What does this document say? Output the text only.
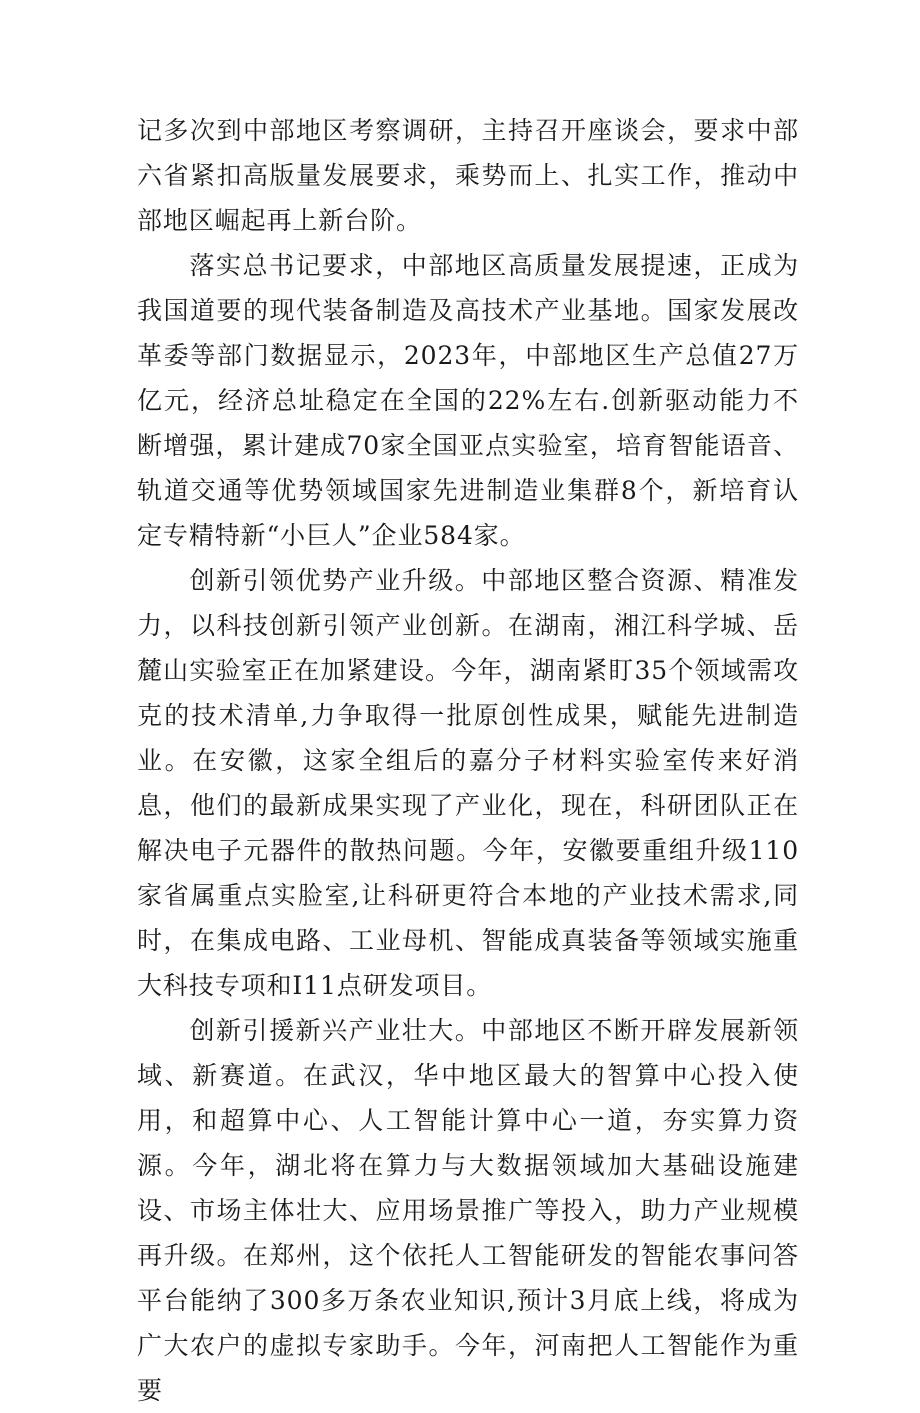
记多次到中部地区考察调研，主持召开座谈会，要求中部六省紧扣高版量发展要求，乘势而上、扎实工作，推动中部地区崛起再上新台阶。

落实总书记要求，中部地区高质量发展提速，正成为我国道要的现代装备制造及高技术产业基地。国家发展改革委等部门数据显示，2023年，中部地区生产总值27万亿元，经济总址稳定在全国的22%左右.创新驱动能力不断增强，累计建成70家全国亚点实验室，培育智能语音、轨道交通等优势领域国家先进制造业集群8个，新培育认定专精特新“小巨人”企业584家。

创新引领优势产业升级。中部地区整合资源、精准发力，以科技创新引领产业创新。在湖南，湘江科学城、岳麓山实验室正在加紧建设。今年，湖南紧盯35个领域需攻克的技术清单,力争取得一批原创性成果，赋能先进制造业。在安徽，这家全组后的嘉分子材料实验室传来好消息，他们的最新成果实现了产业化，现在，科研团队正在解决电子元器件的散热问题。今年，安徽要重组升级110家省属重点实脸室,让科研更符合本地的产业技术需求,同时，在集成电路、工业母机、智能成真装备等领域实施重大科技专项和I11点研发项目。

创新引援新兴产业壮大。中部地区不断开辟发展新领域、新赛道。在武汉，华中地区最大的智算中心投入使用，和超算中心、人工智能计算中心一道，夯实算力资源。今年，湖北将在算力与大数据领域加大基础设施建设、市场主体壮大、应用场景推广等投入，助力产业规模再升级。在郑州，这个依托人工智能研发的智能农事问答平台能纳了300多万条农业知识,预计3月底上线，将成为广大农户的虚拟专家助手。今年，河南把人工智能作为重要
